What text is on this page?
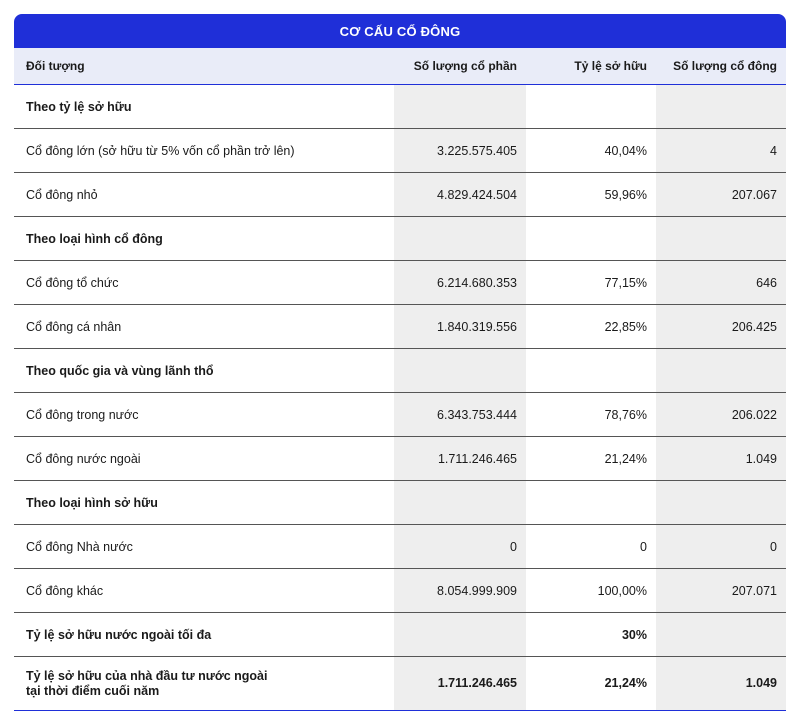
CƠ CẤU CỔ ĐÔNG
Đối tượng	Số lượng cổ phần	Tỷ lệ sở hữu	Số lượng cổ đông
Theo tỷ lệ sở hữu			
Cổ đông lớn (sở hữu từ 5% vốn cổ phần trở lên)	3.225.575.405	40,04%	4
Cổ đông nhỏ	4.829.424.504	59,96%	207.067
Theo loại hình cổ đông			
Cổ đông tổ chức	6.214.680.353	77,15%	646
Cổ đông cá nhân	1.840.319.556	22,85%	206.425
Theo quốc gia và vùng lãnh thổ			
Cổ đông trong nước	6.343.753.444	78,76%	206.022
Cổ đông nước ngoài	1.711.246.465	21,24%	1.049
Theo loại hình sở hữu			
Cổ đông Nhà nước	0	0	0
Cổ đông khác	8.054.999.909	100,00%	207.071
Tỷ lệ sở hữu nước ngoài tối đa		30%	
Tỷ lệ sở hữu của nhà đầu tư nước ngoài
tại thời điểm cuối năm	1.711.246.465	21,24%	1.049
